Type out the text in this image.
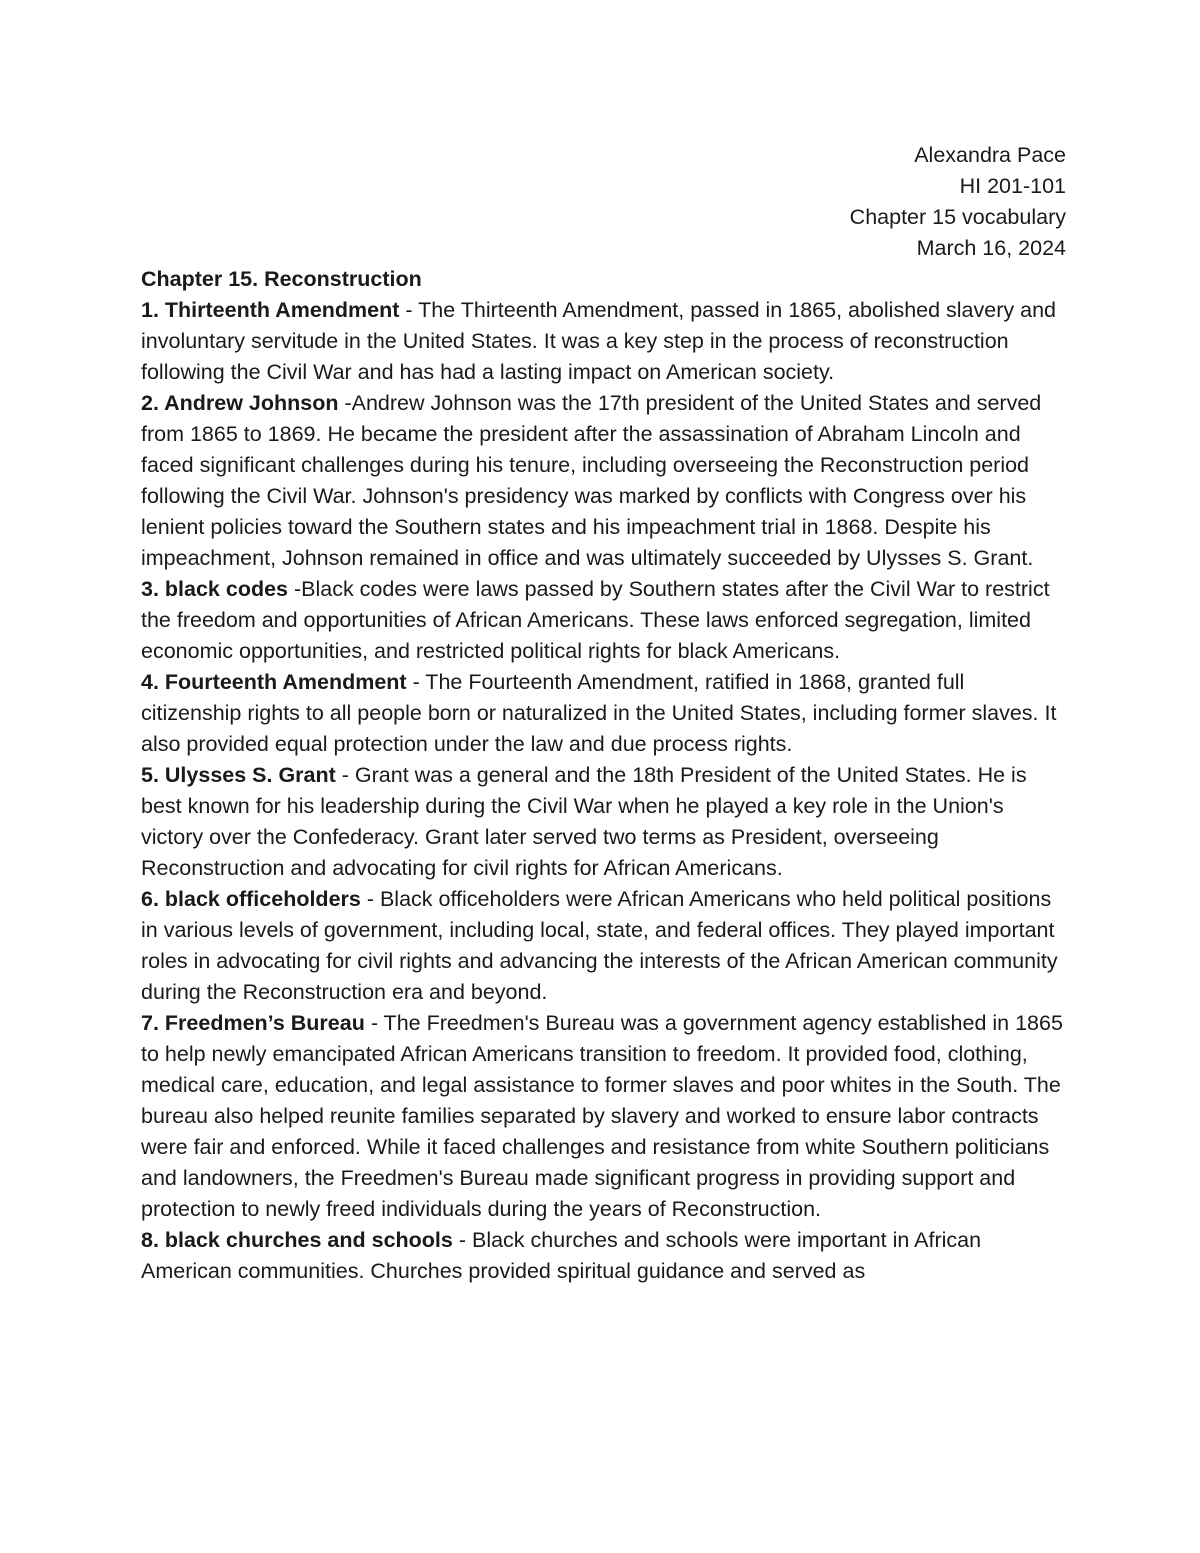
Alexandra Pace
HI 201-101
Chapter 15 vocabulary
March 16, 2024
Chapter 15. Reconstruction

1. Thirteenth Amendment - The Thirteenth Amendment, passed in 1865, abolished slavery and involuntary servitude in the United States. It was a key step in the process of reconstruction following the Civil War and has had a lasting impact on American society.

2. Andrew Johnson -Andrew Johnson was the 17th president of the United States and served from 1865 to 1869. He became the president after the assassination of Abraham Lincoln and faced significant challenges during his tenure, including overseeing the Reconstruction period following the Civil War. Johnson's presidency was marked by conflicts with Congress over his lenient policies toward the Southern states and his impeachment trial in 1868. Despite his impeachment, Johnson remained in office and was ultimately succeeded by Ulysses S. Grant.

3. black codes -Black codes were laws passed by Southern states after the Civil War to restrict the freedom and opportunities of African Americans. These laws enforced segregation, limited economic opportunities, and restricted political rights for black Americans.

4. Fourteenth Amendment - The Fourteenth Amendment, ratified in 1868, granted full citizenship rights to all people born or naturalized in the United States, including former slaves. It also provided equal protection under the law and due process rights.

5. Ulysses S. Grant - Grant was a general and the 18th President of the United States. He is best known for his leadership during the Civil War when he played a key role in the Union's victory over the Confederacy. Grant later served two terms as President, overseeing Reconstruction and advocating for civil rights for African Americans.

6. black officeholders - Black officeholders were African Americans who held political positions in various levels of government, including local, state, and federal offices. They played important roles in advocating for civil rights and advancing the interests of the African American community during the Reconstruction era and beyond.

7. Freedmen’s Bureau - The Freedmen's Bureau was a government agency established in 1865 to help newly emancipated African Americans transition to freedom. It provided food, clothing, medical care, education, and legal assistance to former slaves and poor whites in the South. The bureau also helped reunite families separated by slavery and worked to ensure labor contracts were fair and enforced. While it faced challenges and resistance from white Southern politicians and landowners, the Freedmen's Bureau made significant progress in providing support and protection to newly freed individuals during the years of Reconstruction.

8. black churches and schools - Black churches and schools were important in African American communities. Churches provided spiritual guidance and served as
